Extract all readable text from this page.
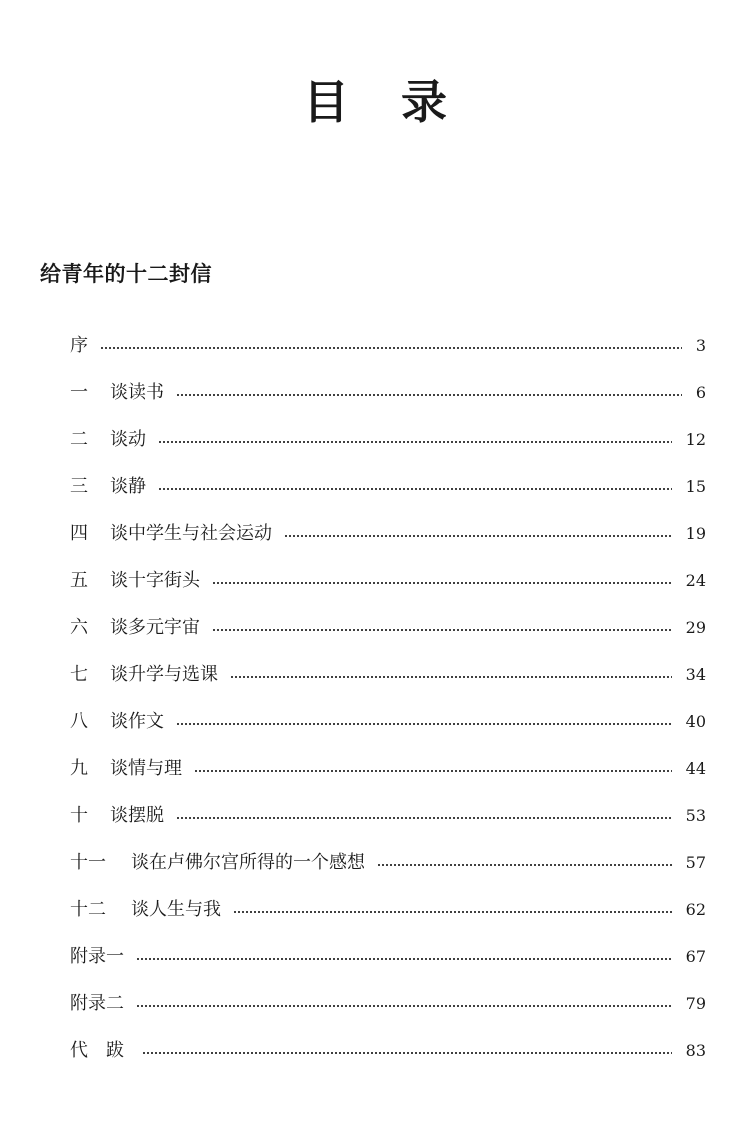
目 录
给青年的十二封信
序	3
一	谈读书	6
二	谈动	12
三	谈静	15
四	谈中学生与社会运动	19
五	谈十字街头	24
六	谈多元宇宙	29
七	谈升学与选课	34
八	谈作文	40
九	谈情与理	44
十	谈摆脱	53
十一	谈在卢佛尔宫所得的一个感想	57
十二	谈人生与我	62
附录一	67
附录二	79
代跋	83
